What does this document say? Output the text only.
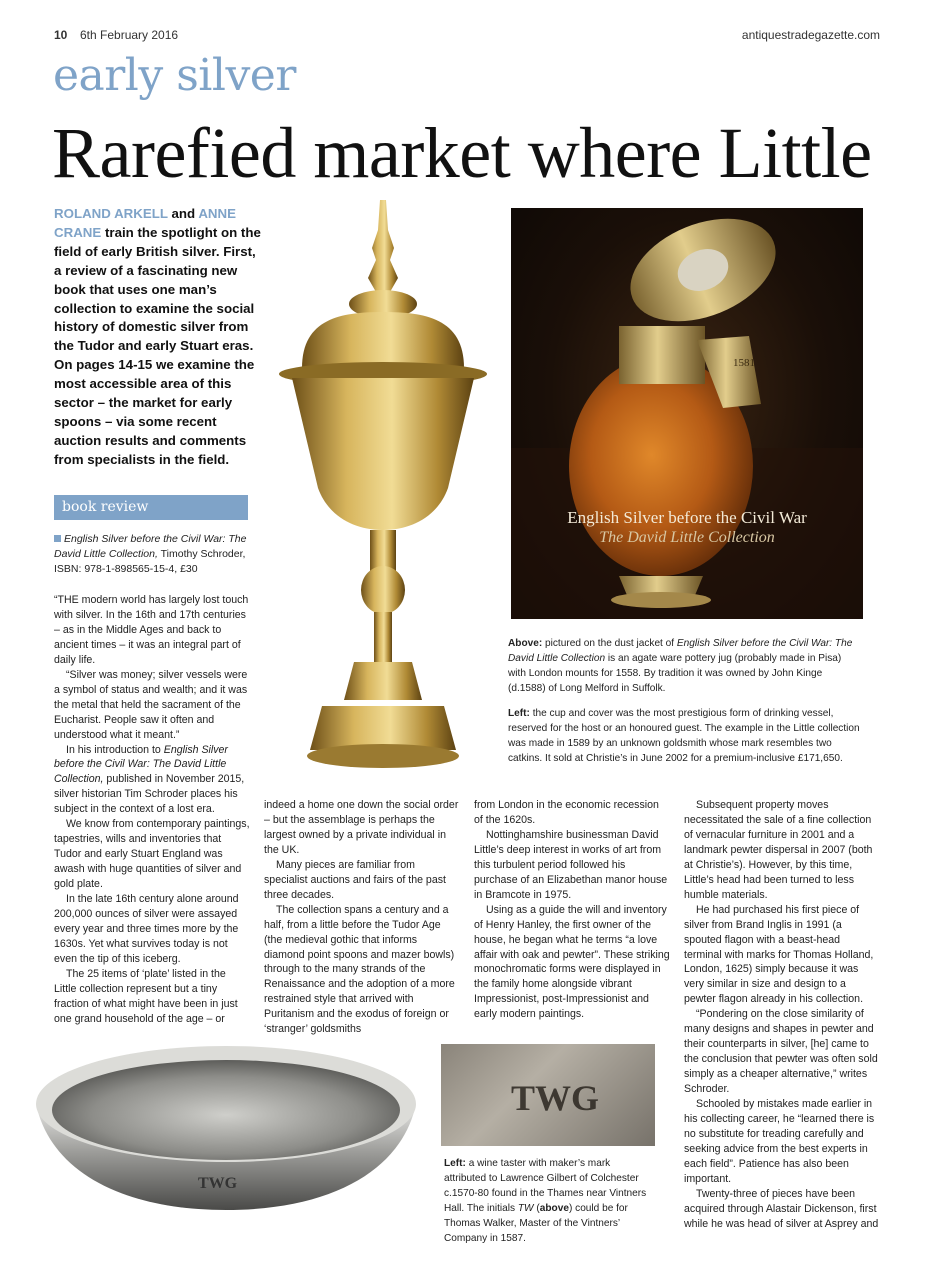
10 6th February 2016	antiquestradegazette.com
early silver
Rarefied market where Little
ROLAND ARKELL and ANNE CRANE train the spotlight on the field of early British silver. First, a review of a fascinating new book that uses one man’s collection to examine the social history of domestic silver from the Tudor and early Stuart eras. On pages 14-15 we examine the most accessible area of this sector – the market for early spoons – via some recent auction results and comments from specialists in the field.
book review
English Silver before the Civil War: The David Little Collection, Timothy Schroder, ISBN: 978-1-898565-15-4, £30

“THE modern world has largely lost touch with silver. In the 16th and 17th centuries – as in the Middle Ages and back to ancient times – it was an integral part of daily life.

“Silver was money; silver vessels were a symbol of status and wealth; and it was the metal that held the sacrament of the Eucharist. People saw it often and understood what it meant.”

In his introduction to English Silver before the Civil War: The David Little Collection, published in November 2015, silver historian Tim Schroder places his subject in the context of a lost era.

We know from contemporary paintings, tapestries, wills and inventories that Tudor and early Stuart England was awash with huge quantities of silver and gold plate.

In the late 16th century alone around 200,000 ounces of silver were assayed every year and three times more by the 1630s. Yet what survives today is not even the tip of this iceberg.

The 25 items of ‘plate’ listed in the Little collection represent but a tiny fraction of what might have been in just one grand household of the age – or

indeed a home one down the social order – but the assemblage is perhaps the largest owned by a private individual in the UK.

Many pieces are familiar from specialist auctions and fairs of the past three decades.

The collection spans a century and a half, from a little before the Tudor Age (the medieval gothic that informs diamond point spoons and mazer bowls) through to the many strands of the Renaissance and the adoption of a more restrained style that arrived with Puritanism and the exodus of foreign or ‘stranger’ goldsmiths

from London in the economic recession of the 1620s.

Nottinghamshire businessman David Little’s deep interest in works of art from this turbulent period followed his purchase of an Elizabethan manor house in Bramcote in 1975.

Using as a guide the will and inventory of Henry Hanley, the first owner of the house, he began what he terms “a love affair with oak and pewter”. These striking monochromatic forms were displayed in the family home alongside vibrant Impressionist, post-Impressionist and early modern paintings.

Subsequent property moves necessitated the sale of a fine collection of vernacular furniture in 2001 and a landmark pewter dispersal in 2007 (both at Christie’s). However, by this time, Little’s head had been turned to less humble materials.

He had purchased his first piece of silver from Brand Inglis in 1991 (a spouted flagon with a beast-head terminal with marks for Thomas Holland, London, 1625) simply because it was very similar in size and design to a pewter flagon already in his collection.

“Pondering on the close similarity of many designs and shapes in pewter and their counterparts in silver, [he] came to the conclusion that pewter was often sold simply as a cheaper alternative,” writes Schroder.

Schooled by mistakes made earlier in his collecting career, he “learned there is no substitute for treading carefully and seeking advice from the best experts in each field”. Patience has also been important.

Twenty-three of pieces have been acquired through Alastair Dickenson, first while he was head of silver at Asprey and

1581
English Silver before the Civil War
The David Little Collection

Above: pictured on the dust jacket of English Silver before the Civil War: The David Little Collection is an agate ware pottery jug (probably made in Pisa) with London mounts for 1558. By tradition it was owned by John Kinge (d.1588) of Long Melford in Suffolk.

Left: the cup and cover was the most prestigious form of drinking vessel, reserved for the host or an honoured guest. The example in the Little collection was made in 1589 by an unknown goldsmith whose mark resembles two catkins. It sold at Christie’s in June 2002 for a premium-inclusive £171,650.

TWG

Left: a wine taster with maker’s mark attributed to Lawrence Gilbert of Colchester c.1570-80 found in the Thames near Vintners Hall. The initials TW (above) could be for Thomas Walker, Master of the Vintners’ Company in 1587.

TWG
